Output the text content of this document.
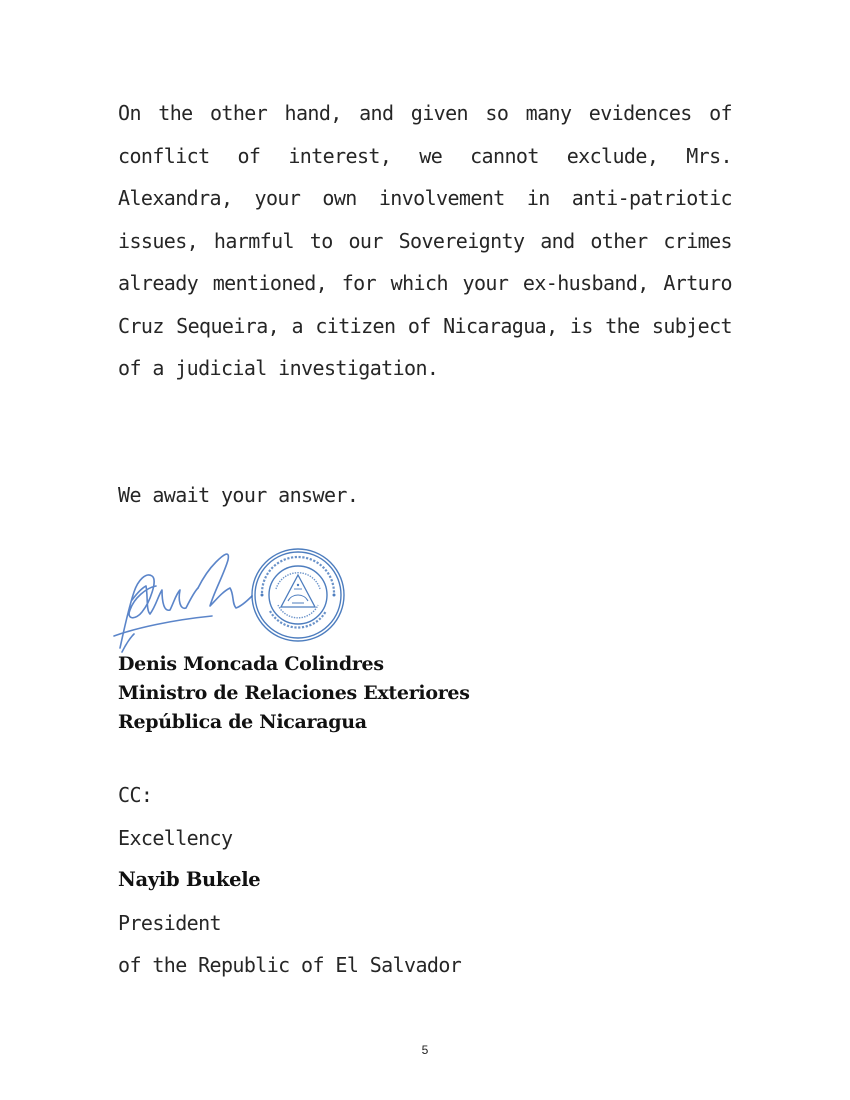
On the other hand, and given so many evidences of conflict of interest, we cannot exclude, Mrs. Alexandra, your own involvement in anti-patriotic issues, harmful to our Sovereignty and other crimes already mentioned, for which your ex-husband, Arturo Cruz Sequeira, a citizen of Nicaragua, is the subject of a judicial investigation.

We await your answer.

Denis Moncada Colindres
Ministro de Relaciones Exteriores
República de Nicaragua
CC:
Excellency
Nayib Bukele
President
of the Republic of El Salvador
5
